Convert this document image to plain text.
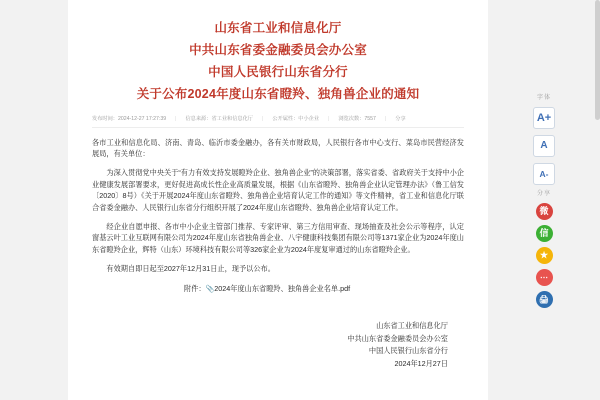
山东省工业和信息化厅
中共山东省委金融委员会办公室
中国人民银行山东省分行
关于公布2024年度山东省瞪羚、独角兽企业的通知
发布时间：2024-12-27 17:27:39 | 信息来源：省工业和信息化厅 | 公开属性：中小企业 | 浏览次数：7557 | 分享

各市工业和信息化局、济南、青岛、临沂市委金融办，各有关市财政局，人民银行各市中心支行、菜岛市民营经济发展局，有关单位：

为深入贯彻党中央关于“有力有效支持发展瞪羚企业、独角兽企业”的决策部署，落实省委、省政府关于支持中小企业健康发展部署要求，更好促进高成长性企业高质量发展，根据《山东省瞪羚、独角兽企业认定管理办法》（鲁工信发〔2020〕8号）《关于开展2024年度山东省瞪羚、独角兽企业培育认定工作的通知》等文件精神，省工业和信息化厅联合省委金融办、人民银行山东省分行组织开展了2024年度山东省瞪羚、独角兽企业培育认定工作。

经企业自愿申报、各市中小企业主管部门推荐、专家评审、第三方信用审查、现场抽查及社会公示等程序，认定窗基云叶工业互联网有限公司为2024年度山东省独角兽企业、八宇健康科技集团有限公司等1371家企业为2024年度山东省瞪羚企业，辉特（山东）环境科技有限公司等326家企业为2024年度复审通过的山东省瞪羚企业。

有效期自即日起至2027年12月31日止，现予以公布。

附件：📎2024年度山东省瞪羚、独角兽企业名单.pdf
山东省工业和信息化厅
中共山东省委金融委员会办公室
中国人民银行山东省分行
2024年12月27日
字体
A+
A
A-
分享
微
信
★
⋯
🖨
